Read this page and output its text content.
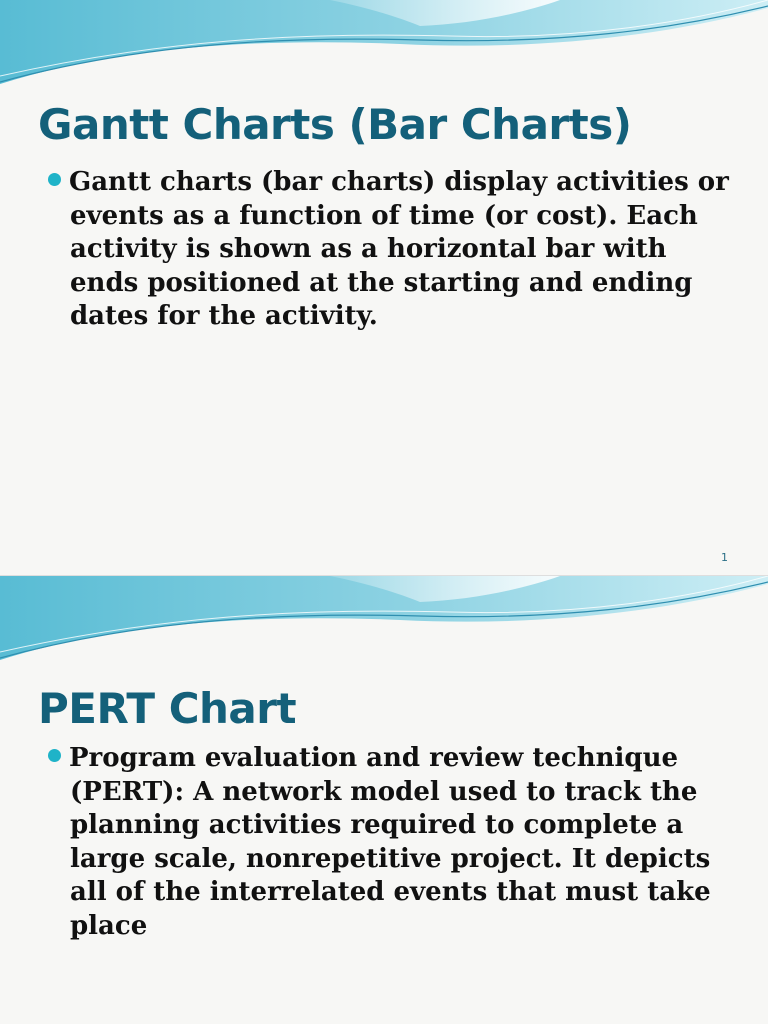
Gantt Charts (Bar Charts)

Gantt charts (bar charts) display activities or events as a function of time (or cost). Each activity is shown as a horizontal bar with ends positioned at the starting and ending dates for the activity.

1
PERT Chart

Program evaluation and review technique (PERT): A network model used to track the planning activities required to complete a large scale, nonrepetitive project. It depicts all of the interrelated events that must take place
